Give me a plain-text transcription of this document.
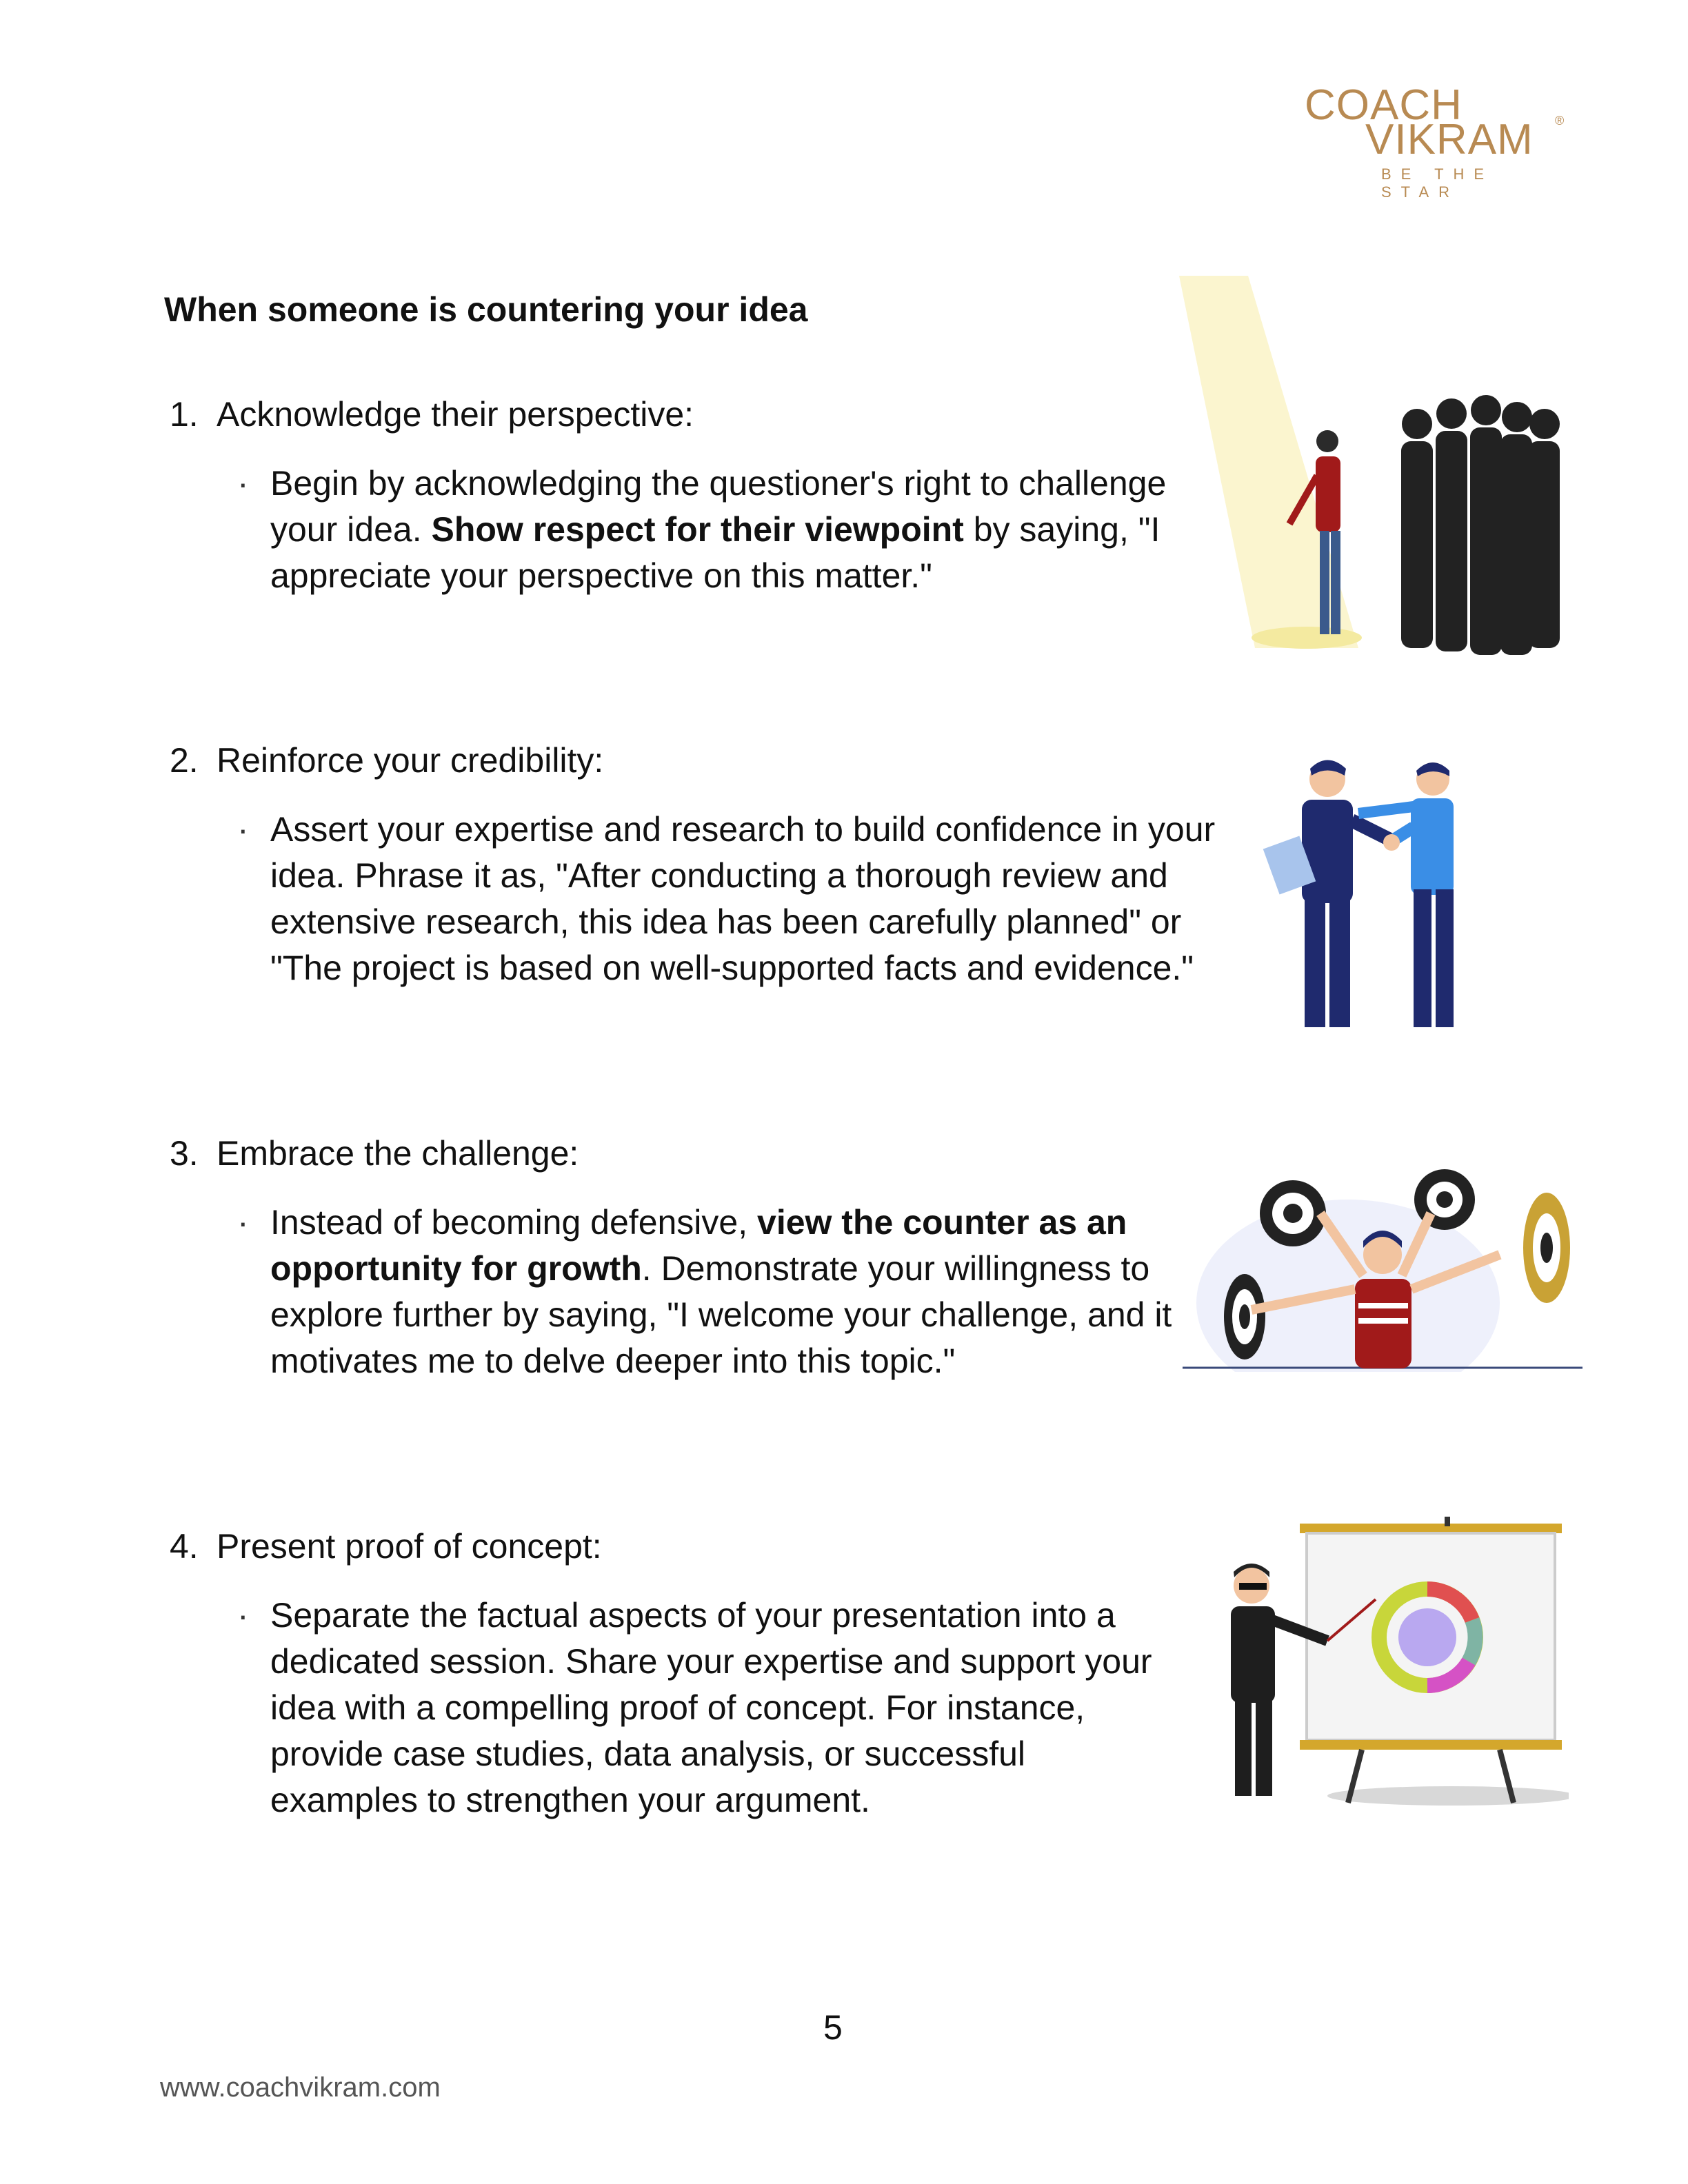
COACH
VIKRAM ®
BE THE STAR
When someone is countering your idea
1. Acknowledge their perspective:
· Begin by acknowledging the questioner's right to challenge your idea. Show respect for their viewpoint by saying, "I appreciate your perspective on this matter."

2. Reinforce your credibility:
· Assert your expertise and research to build confidence in your idea. Phrase it as, "After conducting a thorough review and extensive research, this idea has been carefully planned" or "The project is based on well-supported facts and evidence."

3. Embrace the challenge:
· Instead of becoming defensive, view the counter as an opportunity for growth. Demonstrate your willingness to explore further by saying, "I welcome your challenge, and it motivates me to delve deeper into this topic."

4. Present proof of concept:
· Separate the factual aspects of your presentation into a dedicated session. Share your expertise and support your idea with a compelling proof of concept. For instance, provide case studies, data analysis, or successful examples to strengthen your argument.

5
www.coachvikram.com
